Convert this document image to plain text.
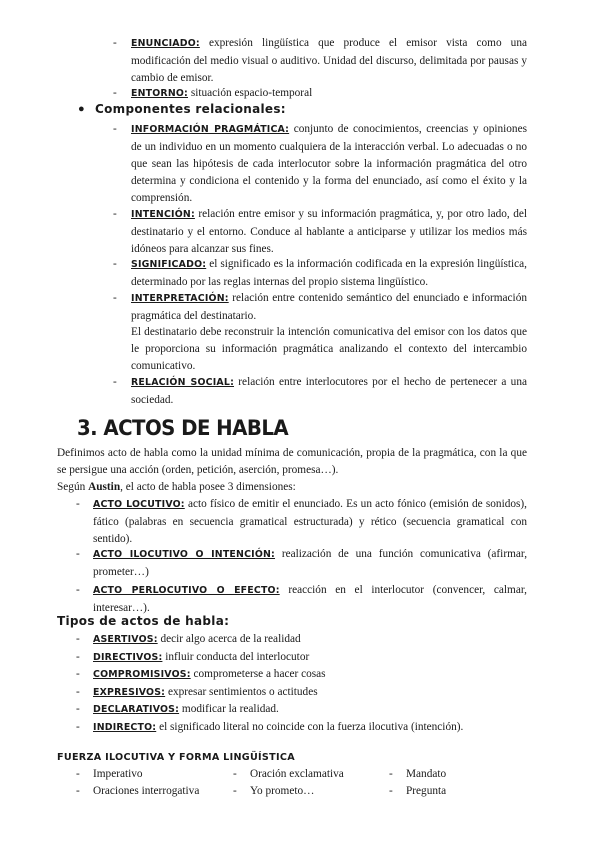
- ENUNCIADO: expresión lingüística que produce el emisor vista como una modificación del medio visual o auditivo. Unidad del discurso, delimitada por pausas y cambio de emisor.
- ENTORNO: situación espacio-temporal
● Componentes relacionales:
- INFORMACIÓN PRAGMÁTICA: conjunto de conocimientos, creencias y opiniones de un individuo en un momento cualquiera de la interacción verbal. Lo adecuadas o no que sean las hipótesis de cada interlocutor sobre la información pragmática del otro determina y condiciona el contenido y la forma del enunciado, así como el éxito y la comprensión.
- INTENCIÓN: relación entre emisor y su información pragmática, y, por otro lado, del destinatario y el entorno. Conduce al hablante a anticiparse y utilizar los medios más idóneos para alcanzar sus fines.
- SIGNIFICADO: el significado es la información codificada en la expresión lingüística, determinado por las reglas internas del propio sistema lingüístico.
- INTERPRETACIÓN: relación entre contenido semántico del enunciado e información pragmática del destinatario.
El destinatario debe reconstruir la intención comunicativa del emisor con los datos que le proporciona su información pragmática analizando el contexto del intercambio comunicativo.
- RELACIÓN SOCIAL: relación entre interlocutores por el hecho de pertenecer a una sociedad.
3. ACTOS DE HABLA
Definimos acto de habla como la unidad mínima de comunicación, propia de la pragmática, con la que se persigue una acción (orden, petición, aserción, promesa…).
Según Austin, el acto de habla posee 3 dimensiones:
- ACTO LOCUTIVO: acto físico de emitir el enunciado. Es un acto fónico (emisión de sonidos), fático (palabras en secuencia gramatical estructurada) y rético (secuencia gramatical con sentido).
- ACTO ILOCUTIVO O INTENCIÓN: realización de una función comunicativa (afirmar, prometer…)
- ACTO PERLOCUTIVO O EFECTO: reacción en el interlocutor (convencer, calmar, interesar…).
Tipos de actos de habla:
- ASERTIVOS: decir algo acerca de la realidad
- DIRECTIVOS: influir conducta del interlocutor
- COMPROMISIVOS: comprometerse a hacer cosas
- EXPRESIVOS: expresar sentimientos o actitudes
- DECLARATIVOS: modificar la realidad.
- INDIRECTO: el significado literal no coincide con la fuerza ilocutiva (intención).
FUERZA ILOCUTIVA Y FORMA LINGÜÍSTICA
- Imperativo
- Oraciones interrogativa
- Oración exclamativa
- Yo prometo…
- Mandato
- Pregunta
